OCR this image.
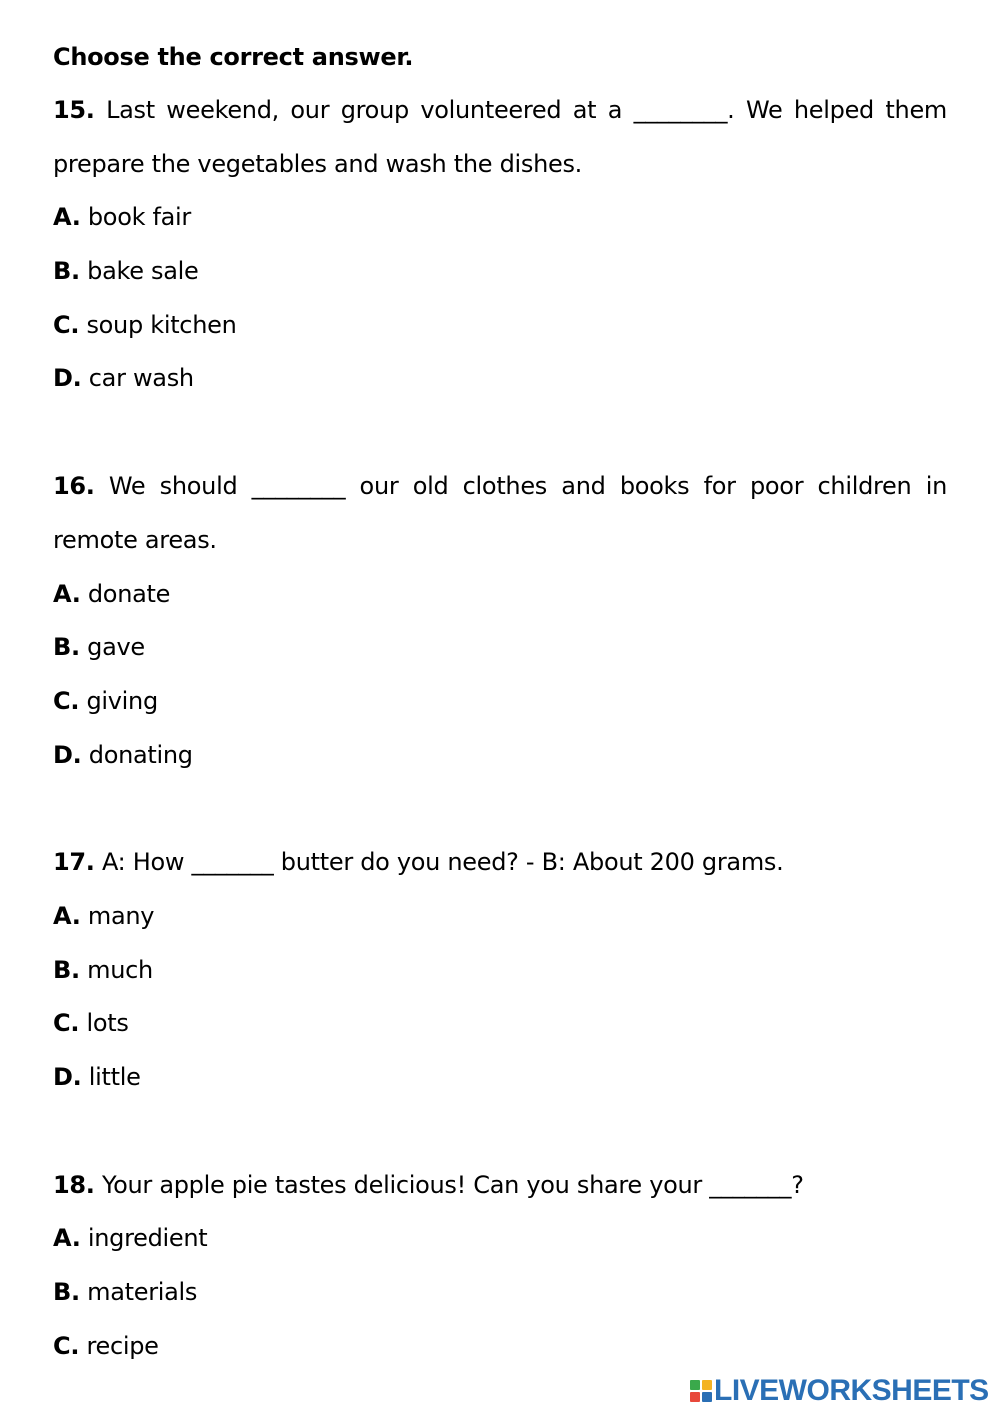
Choose the correct answer.
15. Last weekend, our group volunteered at a ________. We helped them prepare the vegetables and wash the dishes.
A. book fair
B. bake sale
C. soup kitchen
D. car wash
16. We should ________ our old clothes and books for poor children in remote areas.
A. donate
B. gave
C. giving
D. donating
17. A: How _______ butter do you need? - B: About 200 grams.
A. many
B. much
C. lots
D. little
18. Your apple pie tastes delicious! Can you share your _______?
A. ingredient
B. materials
C. recipe
LIVEWORKSHEETS
